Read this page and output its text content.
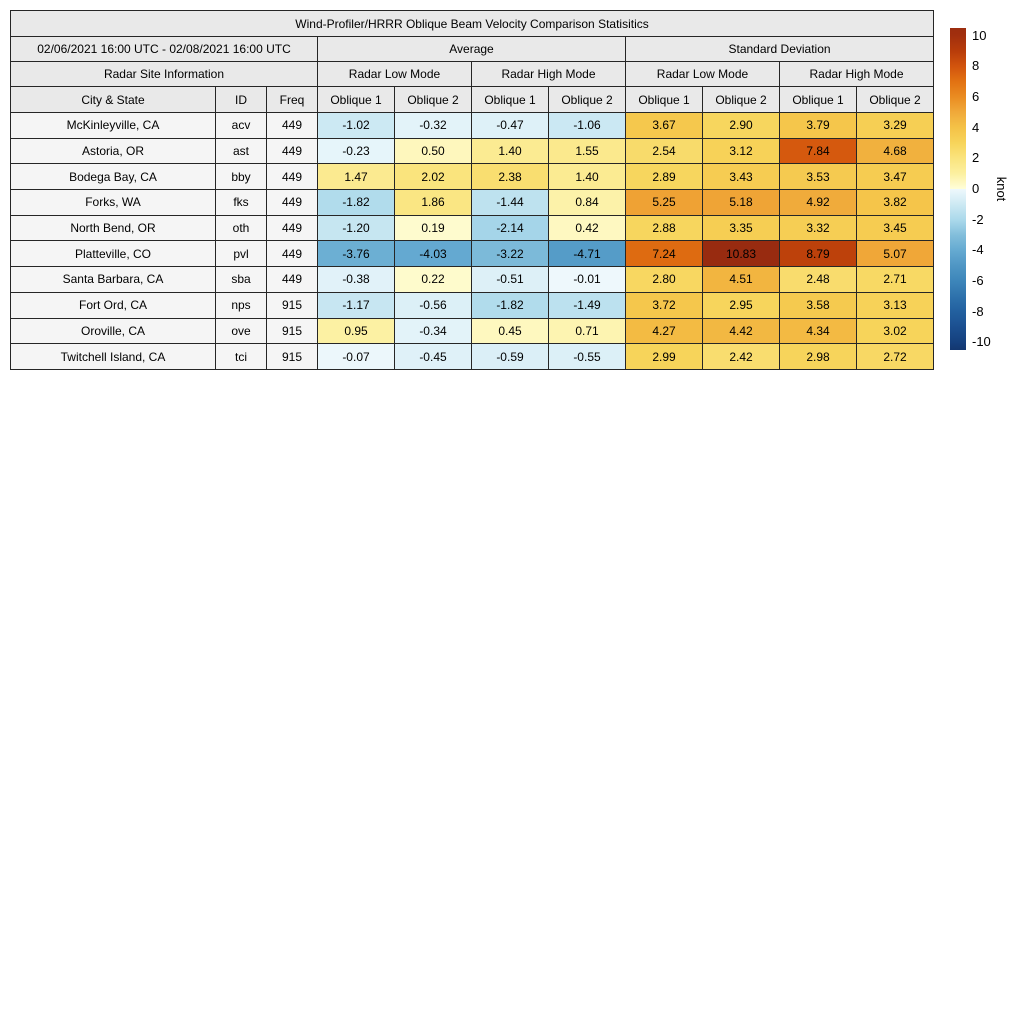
Wind-Profiler/HRRR Oblique Beam Velocity Comparison Statisitics										
02/06/2021 16:00 UTC - 02/08/2021 16:00 UTC			Average				Standard Deviation			
Radar Site Information			Radar Low Mode		Radar High Mode		Radar Low Mode		Radar High Mode	
City & State	ID	Freq	Oblique 1	Oblique 2	Oblique 1	Oblique 2	Oblique 1	Oblique 2	Oblique 1	Oblique 2
McKinleyville, CA	acv	449	-1.02	-0.32	-0.47	-1.06	3.67	2.90	3.79	3.29
Astoria, OR	ast	449	-0.23	0.50	1.40	1.55	2.54	3.12	7.84	4.68
Bodega Bay, CA	bby	449	1.47	2.02	2.38	1.40	2.89	3.43	3.53	3.47
Forks, WA	fks	449	-1.82	1.86	-1.44	0.84	5.25	5.18	4.92	3.82
North Bend, OR	oth	449	-1.20	0.19	-2.14	0.42	2.88	3.35	3.32	3.45
Platteville, CO	pvl	449	-3.76	-4.03	-3.22	-4.71	7.24	10.83	8.79	5.07
Santa Barbara, CA	sba	449	-0.38	0.22	-0.51	-0.01	2.80	4.51	2.48	2.71
Fort Ord, CA	nps	915	-1.17	-0.56	-1.82	-1.49	3.72	2.95	3.58	3.13
Oroville, CA	ove	915	0.95	-0.34	0.45	0.71	4.27	4.42	4.34	3.02
Twitchell Island, CA	tci	915	-0.07	-0.45	-0.59	-0.55	2.99	2.42	2.98	2.72
10
8
6
4
2
0
-2
-4
-6
-8
-10
knot
